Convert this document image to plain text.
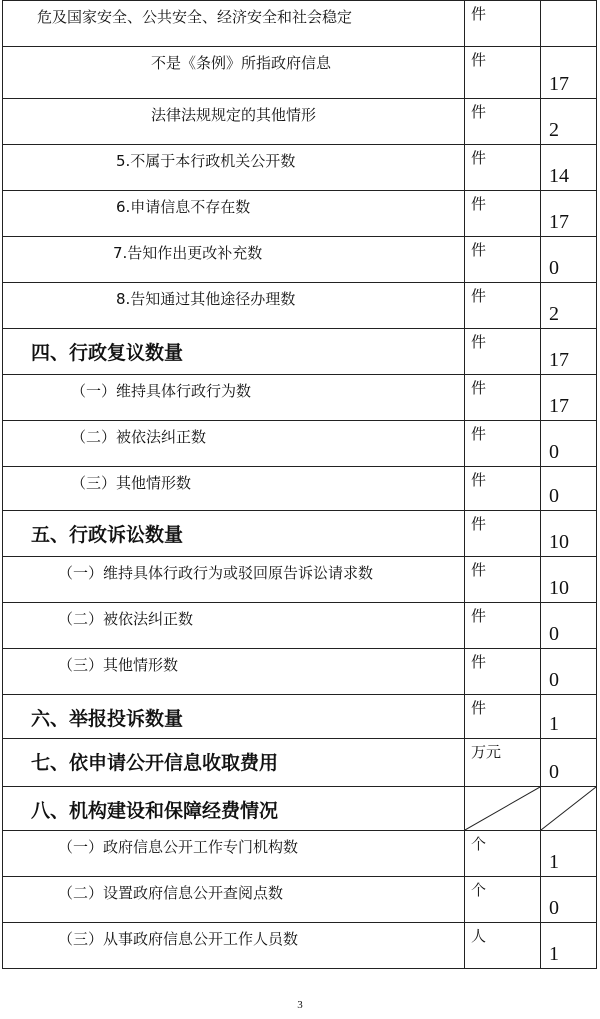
危及国家安全、公共安全、经济安全和社会稳定	件	

不是《条例》所指政府信息	件	17

法律法规规定的其他情形	件	2

5.不属于本行政机关公开数	件	14

6.申请信息不存在数	件	17

7.告知作出更改补充数	件	0

8.告知通过其他途径办理数	件	2

四、行政复议数量	件	17

（一）维持具体行政行为数	件	17

（二）被依法纠正数	件	0

（三）其他情形数	件	0

五、行政诉讼数量	件	10

（一）维持具体行政行为或驳回原告诉讼请求数	件	10

（二）被依法纠正数	件	0

（三）其他情形数	件	0

六、举报投诉数量	件	1

七、依申请公开信息收取费用	万元	0

八、机构建设和保障经费情况

（一）政府信息公开工作专门机构数	个	1

（二）设置政府信息公开查阅点数	个	0

（三）从事政府信息公开工作人员数	人	1
3
